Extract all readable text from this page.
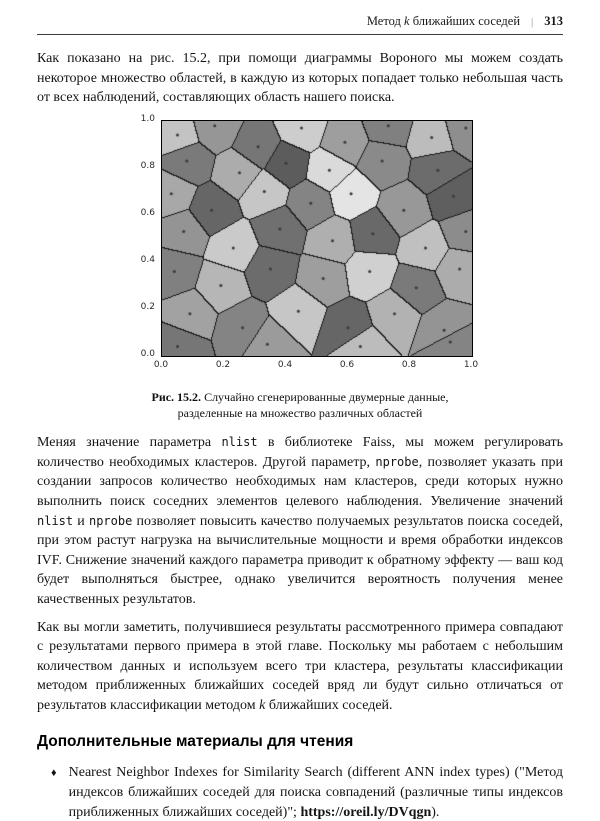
Метод k ближайших соседей | 313

Как показано на рис. 15.2, при помощи диаграммы Вороного мы можем создать некоторое множество областей, в каждую из которых попадает только небольшая часть от всех наблюдений, составляющих область нашего поиска.

1.0
0.8
0.6
0.4
0.2
0.0
0.0	0.2	0.4	0.6	0.8	1.0
Рис. 15.2. Случайно сгенерированные двумерные данные, разделенные на множество различных областей

Меняя значение параметра nlist в библиотеке Faiss, мы можем регулировать количество необходимых кластеров. Другой параметр, nprobe, позволяет указать при создании запросов количество необходимых нам кластеров, среди которых нужно выполнить поиск соседних элементов целевого наблюдения. Увеличение значений nlist и nprobe позволяет повысить качество получаемых результатов поиска соседей, при этом растут нагрузка на вычислительные мощности и время обработки индексов IVF. Снижение значений каждого параметра приводит к обратному эффекту — ваш код будет выполняться быстрее, однако увеличится вероятность получения менее качественных результатов.

Как вы могли заметить, получившиеся результаты рассмотренного примера совпадают с результатами первого примера в этой главе. Поскольку мы работаем с небольшим количеством данных и используем всего три кластера, результаты классификации методом приближенных ближайших соседей вряд ли будут сильно отличаться от результатов классификации методом k ближайших соседей.

Дополнительные материалы для чтения
♦ Nearest Neighbor Indexes for Similarity Search (different ANN index types) ("Метод индексов ближайших соседей для поиска совпадений (различные типы индексов приближенных ближайших соседей)"; https://oreil.ly/DVqgn).
